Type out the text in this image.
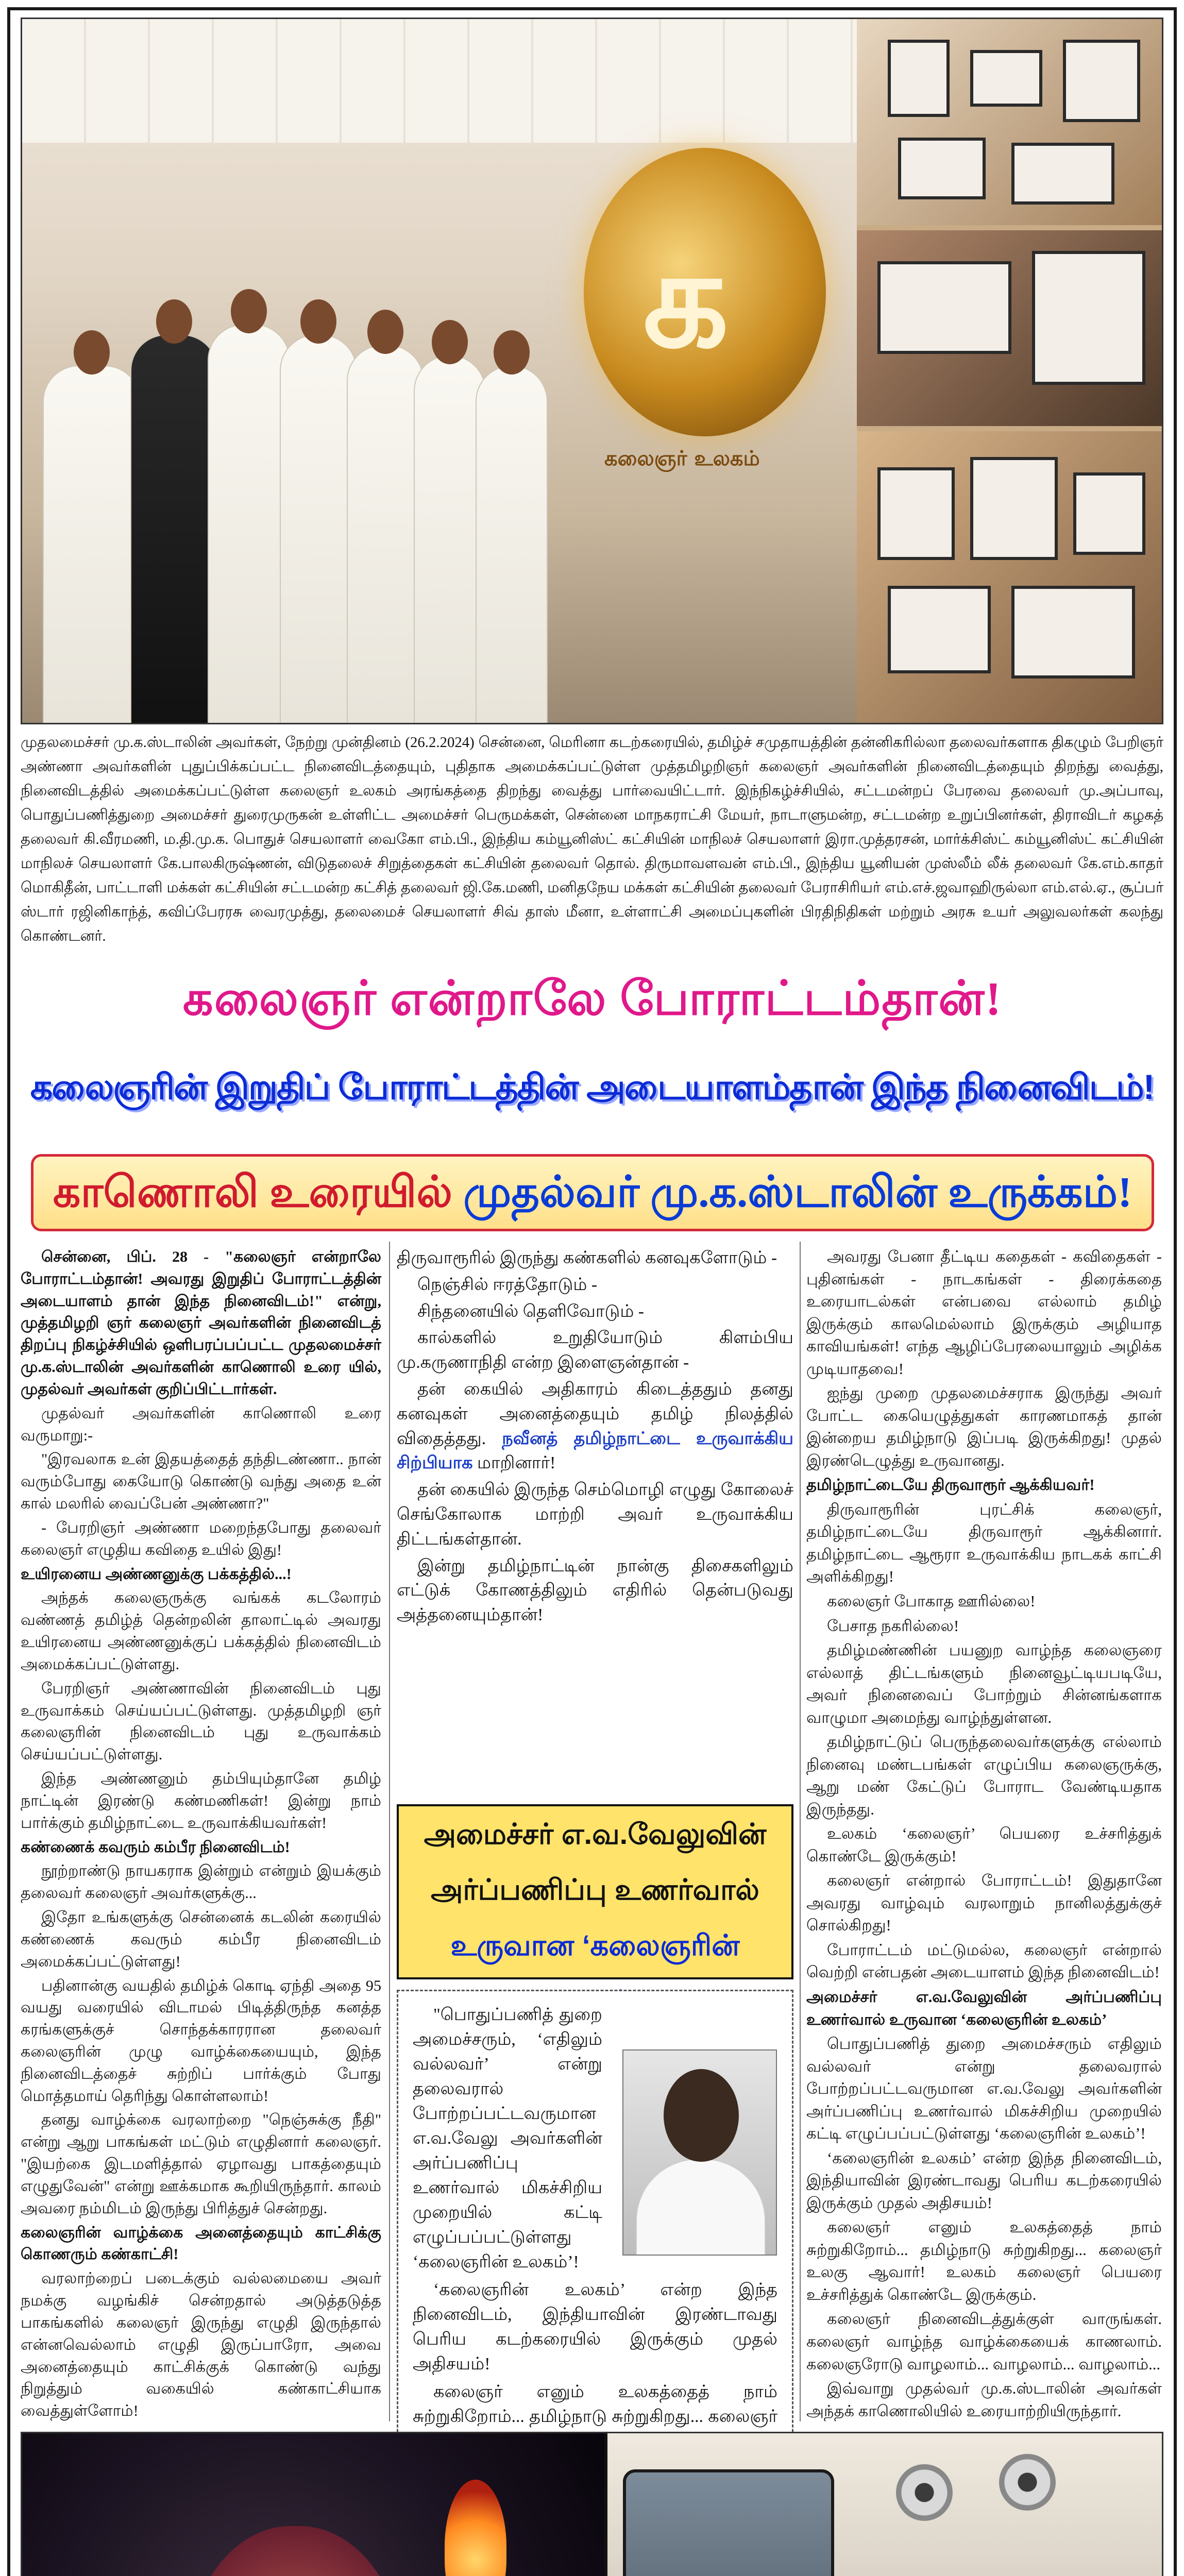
க
கலைஞர் உலகம்
முதலமைச்சர் மு.க.ஸ்டாலின் அவர்கள், நேற்று முன்தினம் (26.2.2024) சென்னை, மெரினா கடற்கரையில், தமிழ்ச் சமுதாயத்தின் தன்னிகரில்லா தலைவர்களாக திகழும் பேறிஞர் அண்ணா அவர்களின் புதுப்பிக்கப்பட்ட நினைவிடத்தையும், புதிதாக அமைக்கப்பட்டுள்ள முத்தமிழறிஞர் கலைஞர் அவர்களின் நினைவிடத்தையும் திறந்து வைத்து, நினைவிடத்தில் அமைக்கப்பட்டுள்ள கலைஞர் உலகம் அரங்கத்தை திறந்து வைத்து பார்வையிட்டார். இந்நிகழ்ச்சியில், சட்டமன்றப் பேரவை தலைவர் மு.அப்பாவு, பொதுப்பணித்துறை அமைச்சர் துரைமுருகன் உள்ளிட்ட அமைச்சர் பெருமக்கள், சென்னை மாநகராட்சி மேயர், நாடாளுமன்ற, சட்டமன்ற உறுப்பினர்கள், திராவிடர் கழகத் தலைவர் கி.வீரமணி, ம.தி.மு.க. பொதுச் செயலாளர் வைகோ எம்.பி., இந்திய கம்யூனிஸ்ட் கட்சியின் மாநிலச் செயலாளர் இரா.முத்தரசன், மார்க்சிஸ்ட் கம்யூனிஸ்ட் கட்சியின் மாநிலச் செயலாளர் கே.பாலகிருஷ்ணன், விடுதலைச் சிறுத்தைகள் கட்சியின் தலைவர் தொல். திருமாவளவன் எம்.பி., இந்திய யூனியன் முஸ்லீம் லீக் தலைவர் கே.எம்.காதர் மொகிதீன், பாட்டாளி மக்கள் கட்சியின் சட்டமன்ற கட்சித் தலைவர் ஜி.கே.மணி, மனிதநேய மக்கள் கட்சியின் தலைவர் பேராசிரியர் எம்.எச்.ஜவாஹிருல்லா எம்.எல்.ஏ., சூப்பர் ஸ்டார் ரஜினிகாந்த், கவிப்பேரரசு வைரமுத்து, தலைமைச் செயலாளர் சிவ் தாஸ் மீனா, உள்ளாட்சி அமைப்புகளின் பிரதிநிதிகள் மற்றும் அரசு உயர் அலுவலர்கள் கலந்து கொண்டனர்.
கலைஞர் என்றாலே போராட்டம்தான்!
கலைஞரின் இறுதிப் போராட்டத்தின் அடையாளம்தான் இந்த நினைவிடம்!
காணொலி உரையில் முதல்வர் மு.க.ஸ்டாலின் உருக்கம்!

சென்னை, பிப். 28 - "கலைஞர் என்றாலே போராட்டம்தான்! அவரது இறுதிப் போராட்டத்தின் அடையாளம் தான் இந்த நினைவிடம்!" என்று, முத்தமிழறி ஞர் கலைஞர் அவர்களின் நினைவிடத் திறப்பு நிகழ்ச்சியில் ஒளிபரப்பப்பட்ட முதலமைச்சர் மு.க.ஸ்டாலின் அவர்களின் காணொலி உரை யில், முதல்வர் அவர்கள் குறிப்பிட்டார்கள்.

முதல்வர் அவர்களின் காணொலி உரை வருமாறு:-

"இரவலாக உன் இதயத்தைத் தந்திடண்ணா.. நான் வரும்போது கையோடு கொண்டு வந்து அதை உன் கால் மலரில் வைப்பேன் அண்ணா?"

- பேரறிஞர் அண்ணா மறைந்தபோது தலைவர் கலைஞர் எழுதிய கவிதை உயில் இது!

உயிரனைய அண்ணனுக்கு பக்கத்தில்...!

அந்தக் கலைஞருக்கு வங்கக் கடலோரம் வண்ணத் தமிழ்த் தென்றலின் தாலாட்டில் அவரது உயிரனைய அண்ணனுக்குப் பக்கத்தில் நினைவிடம் அமைக்கப்பட்டுள்ளது.

பேரறிஞர் அண்ணாவின் நினைவிடம் புது உருவாக்கம் செய்யப்பட்டுள்ளது. முத்தமிழறி ஞர் கலைஞரின் நினைவிடம் புது உருவாக்கம் செய்யப்பட்டுள்ளது.

இந்த அண்ணனும் தம்பியும்தானே தமிழ் நாட்டின் இரண்டு கண்மணிகள்! இன்று நாம் பார்க்கும் தமிழ்நாட்டை உருவாக்கியவர்கள்!

கண்ணைக் கவரும் கம்பீர நினைவிடம்!

நூற்றாண்டு நாயகராக இன்றும் என்றும் இயக்கும் தலைவர் கலைஞர் அவர்களுக்கு...

இதோ உங்களுக்கு சென்னைக் கடலின் கரையில் கண்ணைக் கவரும் கம்பீர நினைவிடம் அமைக்கப்பட்டுள்ளது!

பதினான்கு வயதில் தமிழ்க் கொடி ஏந்தி அதை 95 வயது வரையில் விடாமல் பிடித்திருந்த கனத்த கரங்களுக்குச் சொந்தக்காரரான தலைவர் கலைஞரின் முழு வாழ்க்கையையும், இந்த நினைவிடத்தைச் சுற்றிப் பார்க்கும் போது மொத்தமாய் தெரிந்து கொள்ளலாம்!

தனது வாழ்க்கை வரலாற்றை "நெஞ்சுக்கு நீதி" என்று ஆறு பாகங்கள் மட்டும் எழுதினார் கலைஞர். "இயற்கை இடமளித்தால் ஏழாவது பாகத்தையும் எழுதுவேன்" என்று ஊக்கமாக கூறியிருந்தார். காலம் அவரை நம்மிடம் இருந்து பிரித்துச் சென்றது.

கலைஞரின் வாழ்க்கை அனைத்தையும் காட்சிக்கு கொணரும் கண்காட்சி!

வரலாற்றைப் படைக்கும் வல்லமையை அவர் நமக்கு வழங்கிச் சென்றதால் அடுத்தடுத்த பாகங்களில் கலைஞர் இருந்து எழுதி இருந்தால் என்னவெல்லாம் எழுதி இருப்பாரோ, அவை அனைத்தையும் காட்சிக்குக் கொண்டு வந்து நிறுத்தும் வகையில் கண்காட்சியாக வைத்துள்ளோம்!

திருவாரூரில் இருந்து கண்களில் கனவுகளோடும் -

நெஞ்சில் ஈரத்தோடும் -

சிந்தனையில் தெளிவோடும் -

கால்களில் உறுதியோடும் கிளம்பிய மு.கருணாநிதி என்ற இளைஞன்தான் -

தன் கையில் அதிகாரம் கிடைத்ததும் தனது கனவுகள் அனைத்தையும் தமிழ் நிலத்தில் விதைத்தது. நவீனத் தமிழ்நாட்டை உருவாக்கிய சிற்பியாக மாறினார்!

தன் கையில் இருந்த செம்மொழி எழுது கோலைச் செங்கோலாக மாற்றி அவர் உருவாக்கிய திட்டங்கள்தான்.

இன்று தமிழ்நாட்டின் நான்கு திசைகளிலும் எட்டுக் கோணத்திலும் எதிரில் தென்படுவது அத்தனையும்தான்!

அமைச்சர் எ.வ.வேலுவின்
அர்ப்பணிப்பு உணர்வால்
உருவான ‘கலைஞரின்

"பொதுப்பணித் துறை அமைச்சரும், ‘எதிலும் வல்லவர்’ என்று தலைவரால் போற்றப்பட்டவருமான எ.வ.வேலு அவர்களின் அர்ப்பணிப்பு உணர்வால் மிகச்சிறிய முறையில் கட்டி எழுப்பப்பட்டுள்ளது ‘கலைஞரின் உலகம்’!

‘கலைஞரின் உலகம்’ என்ற இந்த நினைவிடம், இந்தியாவின் இரண்டாவது பெரிய கடற்கரையில் இருக்கும் முதல் அதிசயம்!

கலைஞர் எனும் உலகத்தைத் நாம் சுற்றுகிறோம்... தமிழ்நாடு சுற்றுகிறது... கலைஞர்

அவரது பேனா தீட்டிய கதைகள் - கவிதைகள் - புதினங்கள் - நாடகங்கள் - திரைக்கதை உரையாடல்கள் என்பவை எல்லாம் தமிழ் இருக்கும் காலமெல்லாம் இருக்கும் அழியாத காவியங்கள்! எந்த ஆழிப்பேரலையாலும் அழிக்க முடியாதவை!

ஐந்து முறை முதலமைச்சராக இருந்து அவர் போட்ட கையெழுத்துகள் காரணமாகத் தான் இன்றைய தமிழ்நாடு இப்படி இருக்கிறது! முதல் இரண்டெழுத்து உருவானது.

தமிழ்நாட்டையே திருவாரூர் ஆக்கியவர்!

திருவாரூரின் புரட்சிக் கலைஞர், தமிழ்நாட்டையே திருவாரூர் ஆக்கினார். தமிழ்நாட்டை ஆரூரா உருவாக்கிய நாடகக் காட்சி அளிக்கிறது!

கலைஞர் போகாத ஊரில்லை!

பேசாத நகரில்லை!

தமிழ்மண்ணின் பயனுற வாழ்ந்த கலைஞரை எல்லாத் திட்டங்களும் நினைவூட்டியபடியே, அவர் நினைவைப் போற்றும் சின்னங்களாக வாழுமா அமைந்து வாழ்ந்துள்ளன.

தமிழ்நாட்டுப் பெருந்தலைவர்களுக்கு எல்லாம் நினைவு மண்டபங்கள் எழுப்பிய கலைஞருக்கு, ஆறு மண் கேட்டுப் போராட வேண்டியதாக இருந்தது.

உலகம் ‘கலைஞர்’ பெயரை உச்சரித்துக் கொண்டே இருக்கும்!

கலைஞர் என்றால் போராட்டம்! இதுதானே அவரது வாழ்வும் வரலாறும் நானிலத்துக்குச் சொல்கிறது!

போராட்டம் மட்டுமல்ல, கலைஞர் என்றால் வெற்றி என்பதன் அடையாளம் இந்த நினைவிடம்!

அமைச்சர் எ.வ.வேலுவின் அர்ப்பணிப்பு உணர்வால் உருவான ‘கலைஞரின் உலகம்’

பொதுப்பணித் துறை அமைச்சரும் எதிலும் வல்லவர் என்று தலைவரால் போற்றப்பட்டவருமான எ.வ.வேலு அவர்களின் அர்ப்பணிப்பு உணர்வால் மிகச்சிறிய முறையில் கட்டி எழுப்பப்பட்டுள்ளது ‘கலைஞரின் உலகம்’!

‘கலைஞரின் உலகம்’ என்ற இந்த நினைவிடம், இந்தியாவின் இரண்டாவது பெரிய கடற்கரையில் இருக்கும் முதல் அதிசயம்!

கலைஞர் எனும் உலகத்தைத் நாம் சுற்றுகிறோம்... தமிழ்நாடு சுற்றுகிறது... கலைஞர் உலகு ஆவார்! உலகம் கலைஞர் பெயரை உச்சரித்துக் கொண்டே இருக்கும்.

கலைஞர் நினைவிடத்துக்குள் வாருங்கள். கலைஞர் வாழ்ந்த வாழ்க்கையைக் காணலாம். கலைஞரோடு வாழலாம்... வாழலாம்... வாழலாம்...

இவ்வாறு முதல்வர் மு.க.ஸ்டாலின் அவர்கள் அந்தக் காணொலியில் உரையாற்றியிருந்தார்.
